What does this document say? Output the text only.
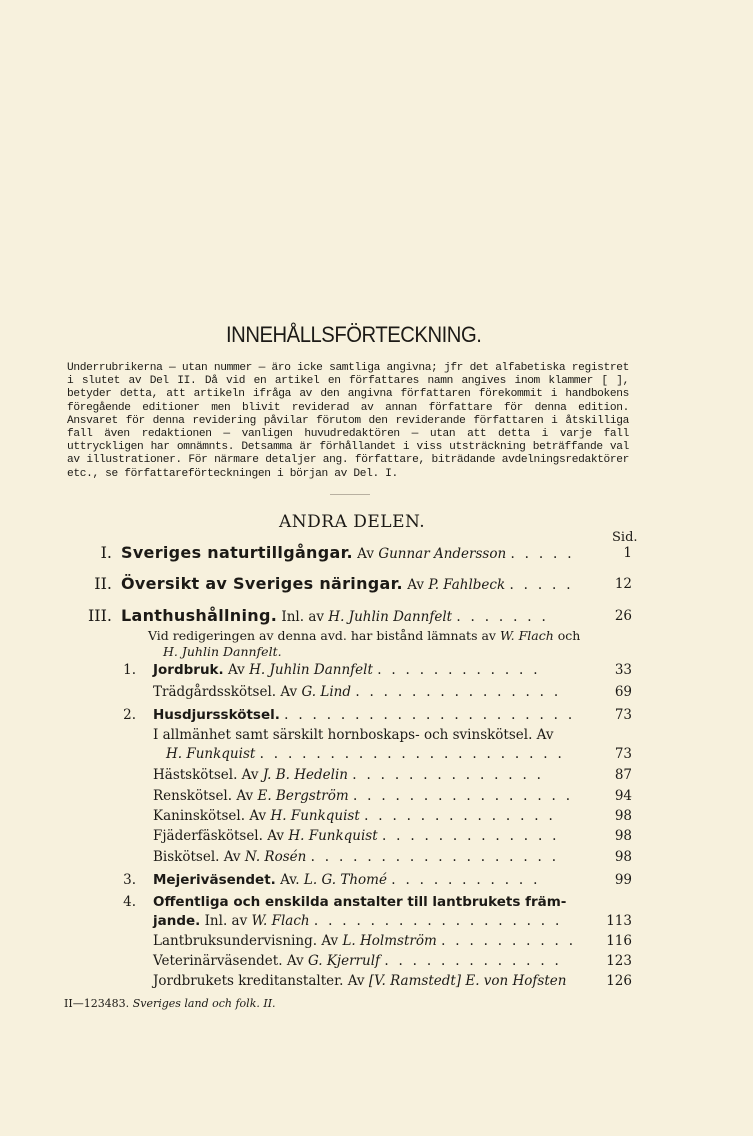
INNEHÅLLSFÖRTECKNING.
Underrubrikerna — utan nummer — äro icke samtliga angivna; jfr det alfabetiska registret i slutet av Del II. Då vid en artikel en författares namn angives inom klammer [ ], betyder detta, att artikeln ifråga av den angivna författaren förekommit i handbokens föregående editioner men blivit reviderad av annan författare för denna edition. Ansvaret för denna revidering påvilar förutom den reviderande författaren i åtskilliga fall även redaktionen — vanligen huvudredaktören — utan att detta i varje fall uttryckligen har omnämnts. Detsamma är förhållandet i viss utsträckning beträffande val av illustrationer. För närmare detaljer ang. författare, biträdande avdelningsredaktörer etc., se författareförteckningen i början av Del. I.
ANDRA DELEN.
Sid.
I. Sveriges naturtillgångar. Av Gunnar Andersson . . . . .	1
II. Översikt av Sveriges näringar. Av P. Fahlbeck . . . . .	12
III. Lanthushållning. Inl. av H. Juhlin Dannfelt . . . . . . .	26
Vid redigeringen av denna avd. har bistånd lämnats av W. Flach och
H. Juhlin Dannfelt.
1. Jordbruk. Av H. Juhlin Dannfelt . . . . . . . . . . . .	33
Trädgårdsskötsel. Av G. Lind . . . . . . . . . . . . . . .	69
2. Husdjursskötsel. . . . . . . . . . . . . . . . . . . . . .	73
I allmänhet samt särskilt hornboskaps- och svinskötsel. Av
H. Funkquist . . . . . . . . . . . . . . . . . . . . . .	73
Hästskötsel. Av J. B. Hedelin . . . . . . . . . . . . . .	87
Renskötsel. Av E. Bergström . . . . . . . . . . . . . . . .	94
Kaninskötsel. Av H. Funkquist . . . . . . . . . . . . . .	98
Fjäderfäskötsel. Av H. Funkquist . . . . . . . . . . . . .	98
Biskötsel. Av N. Rosén . . . . . . . . . . . . . . . . . .	98
3. Mejeriväsendet. Av. L. G. Thomé . . . . . . . . . . .	99
4. Offentliga och enskilda anstalter till lantbrukets främ-
jande. Inl. av W. Flach . . . . . . . . . . . . . . . . . .	113
Lantbruksundervisning. Av L. Holmström . . . . . . . . . .	116
Veterinärväsendet. Av G. Kjerrulf . . . . . . . . . . . . .	123
Jordbrukets kreditanstalter. Av [V. Ramstedt] E. von Hofsten	126
II—123483. Sveriges land och folk. II.
